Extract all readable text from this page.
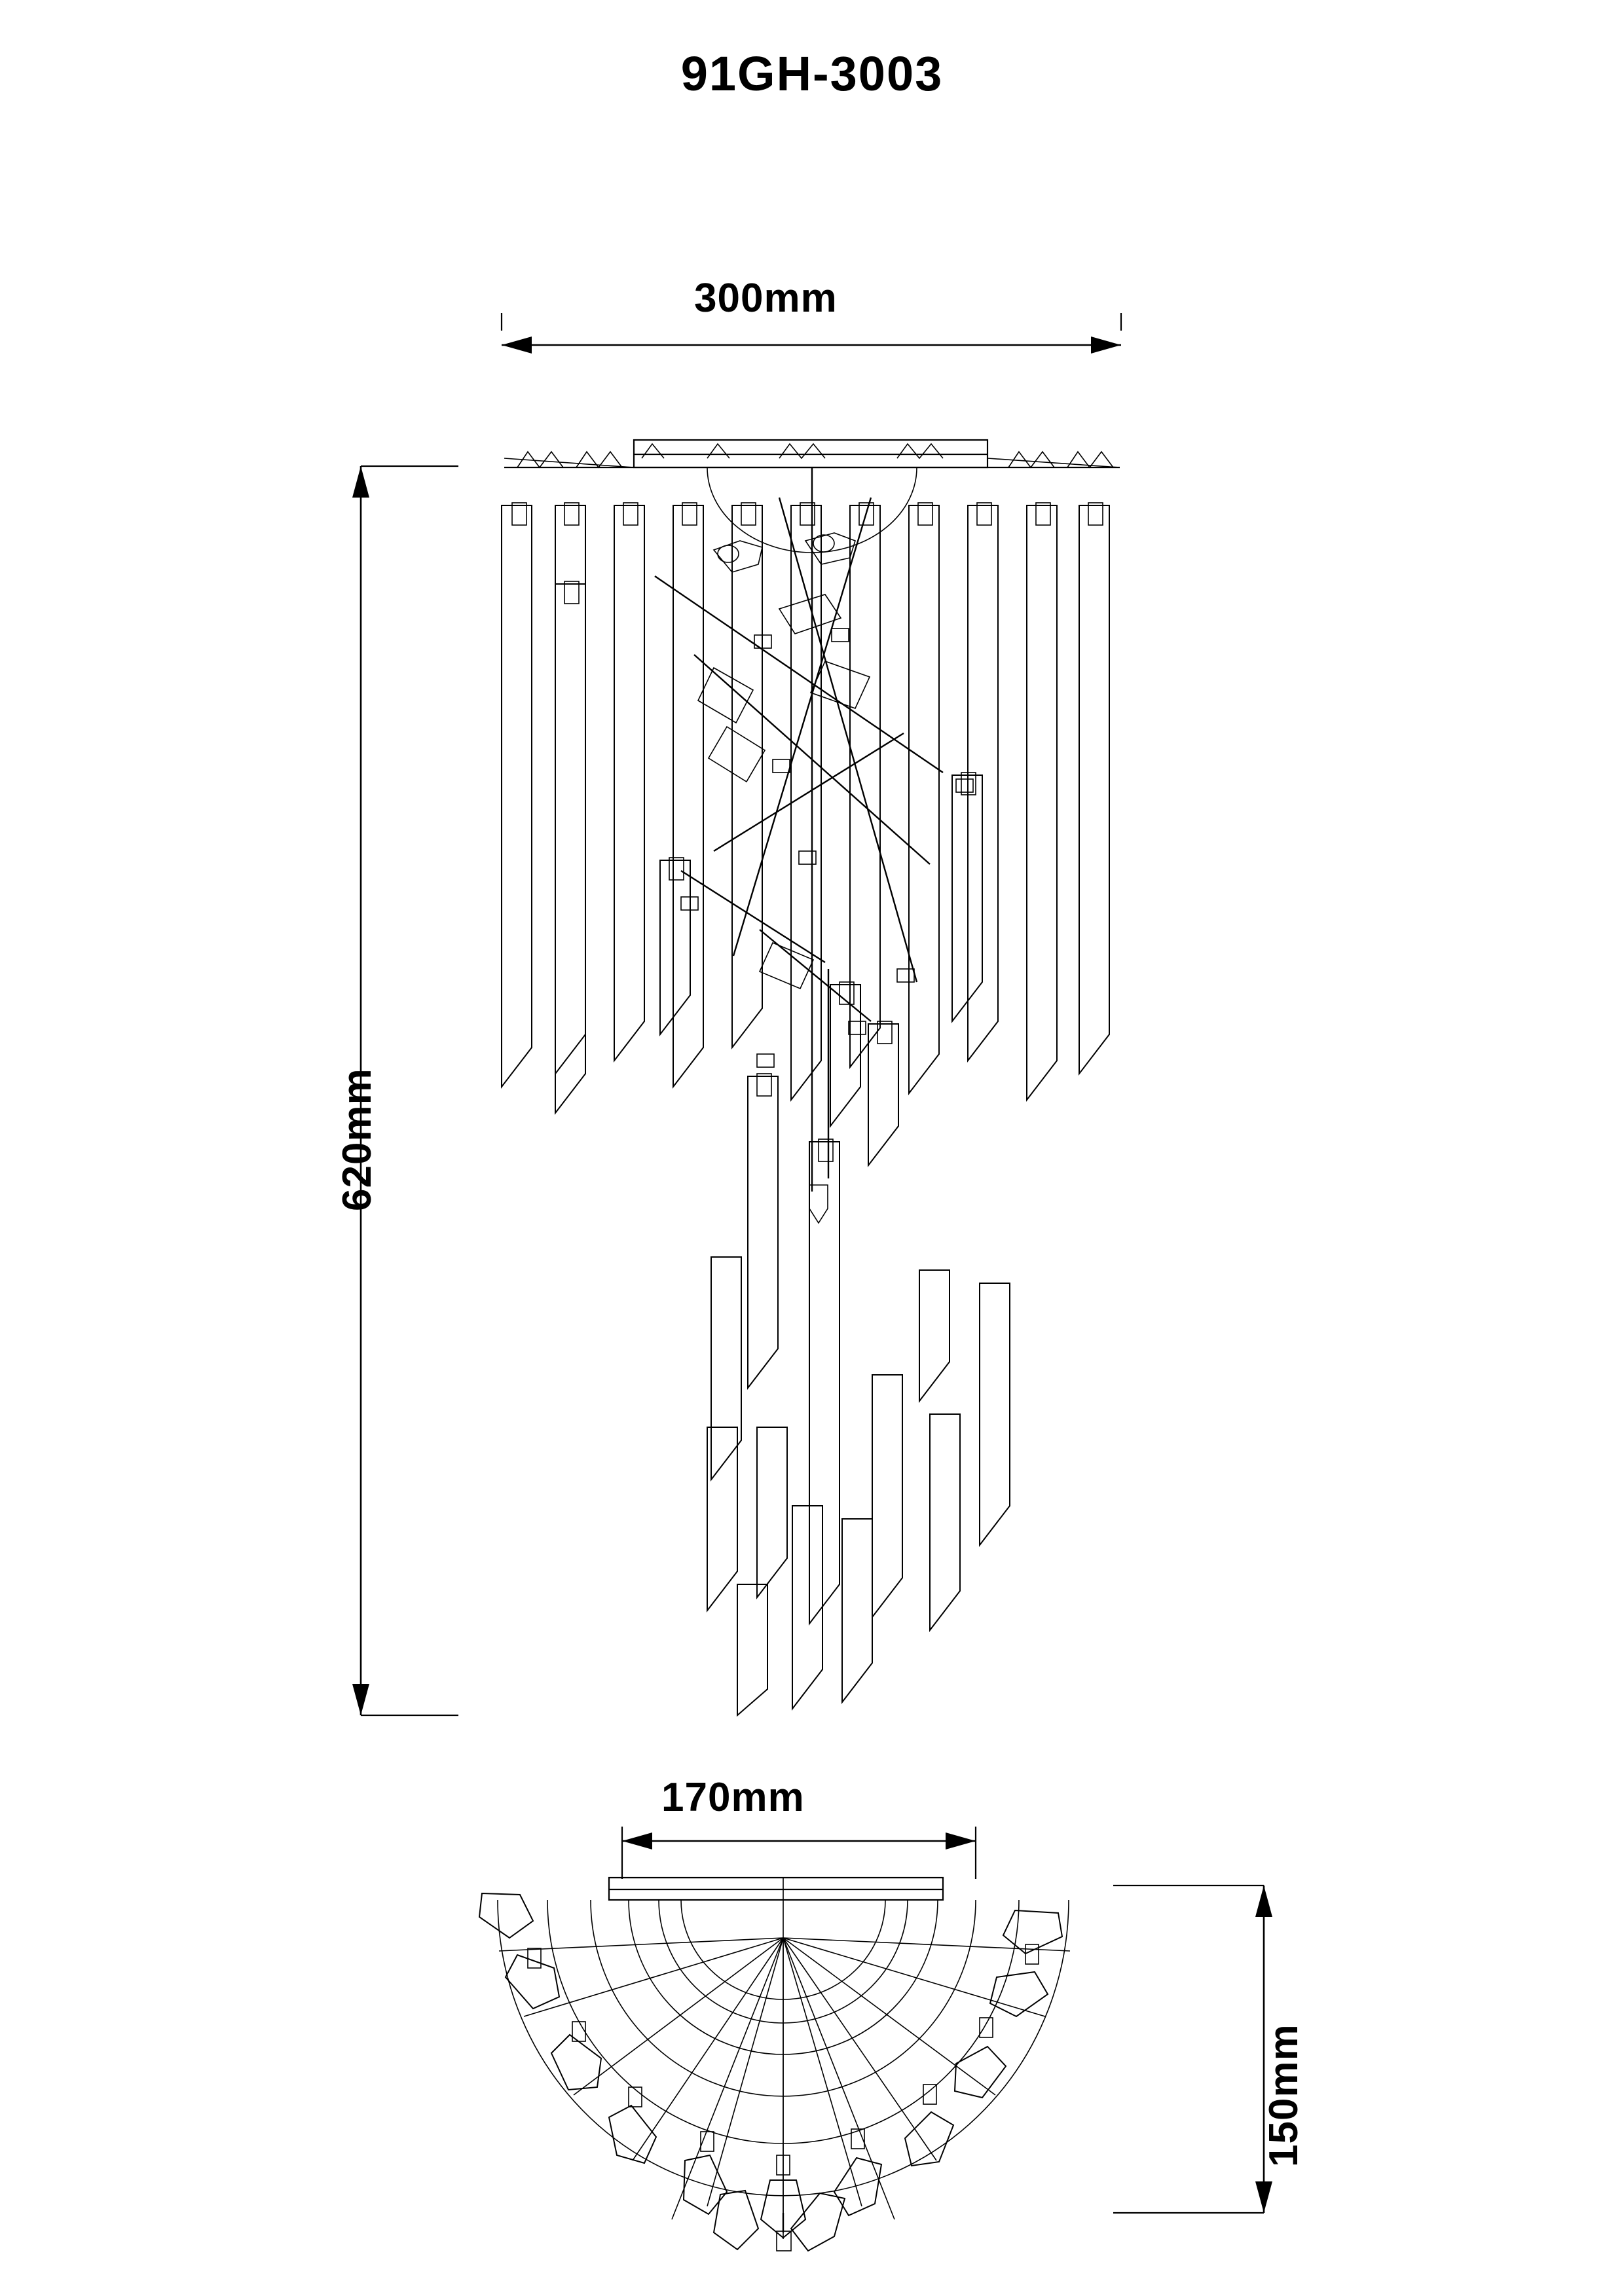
91GH-3003
300mm
620mm
170mm
150mm
